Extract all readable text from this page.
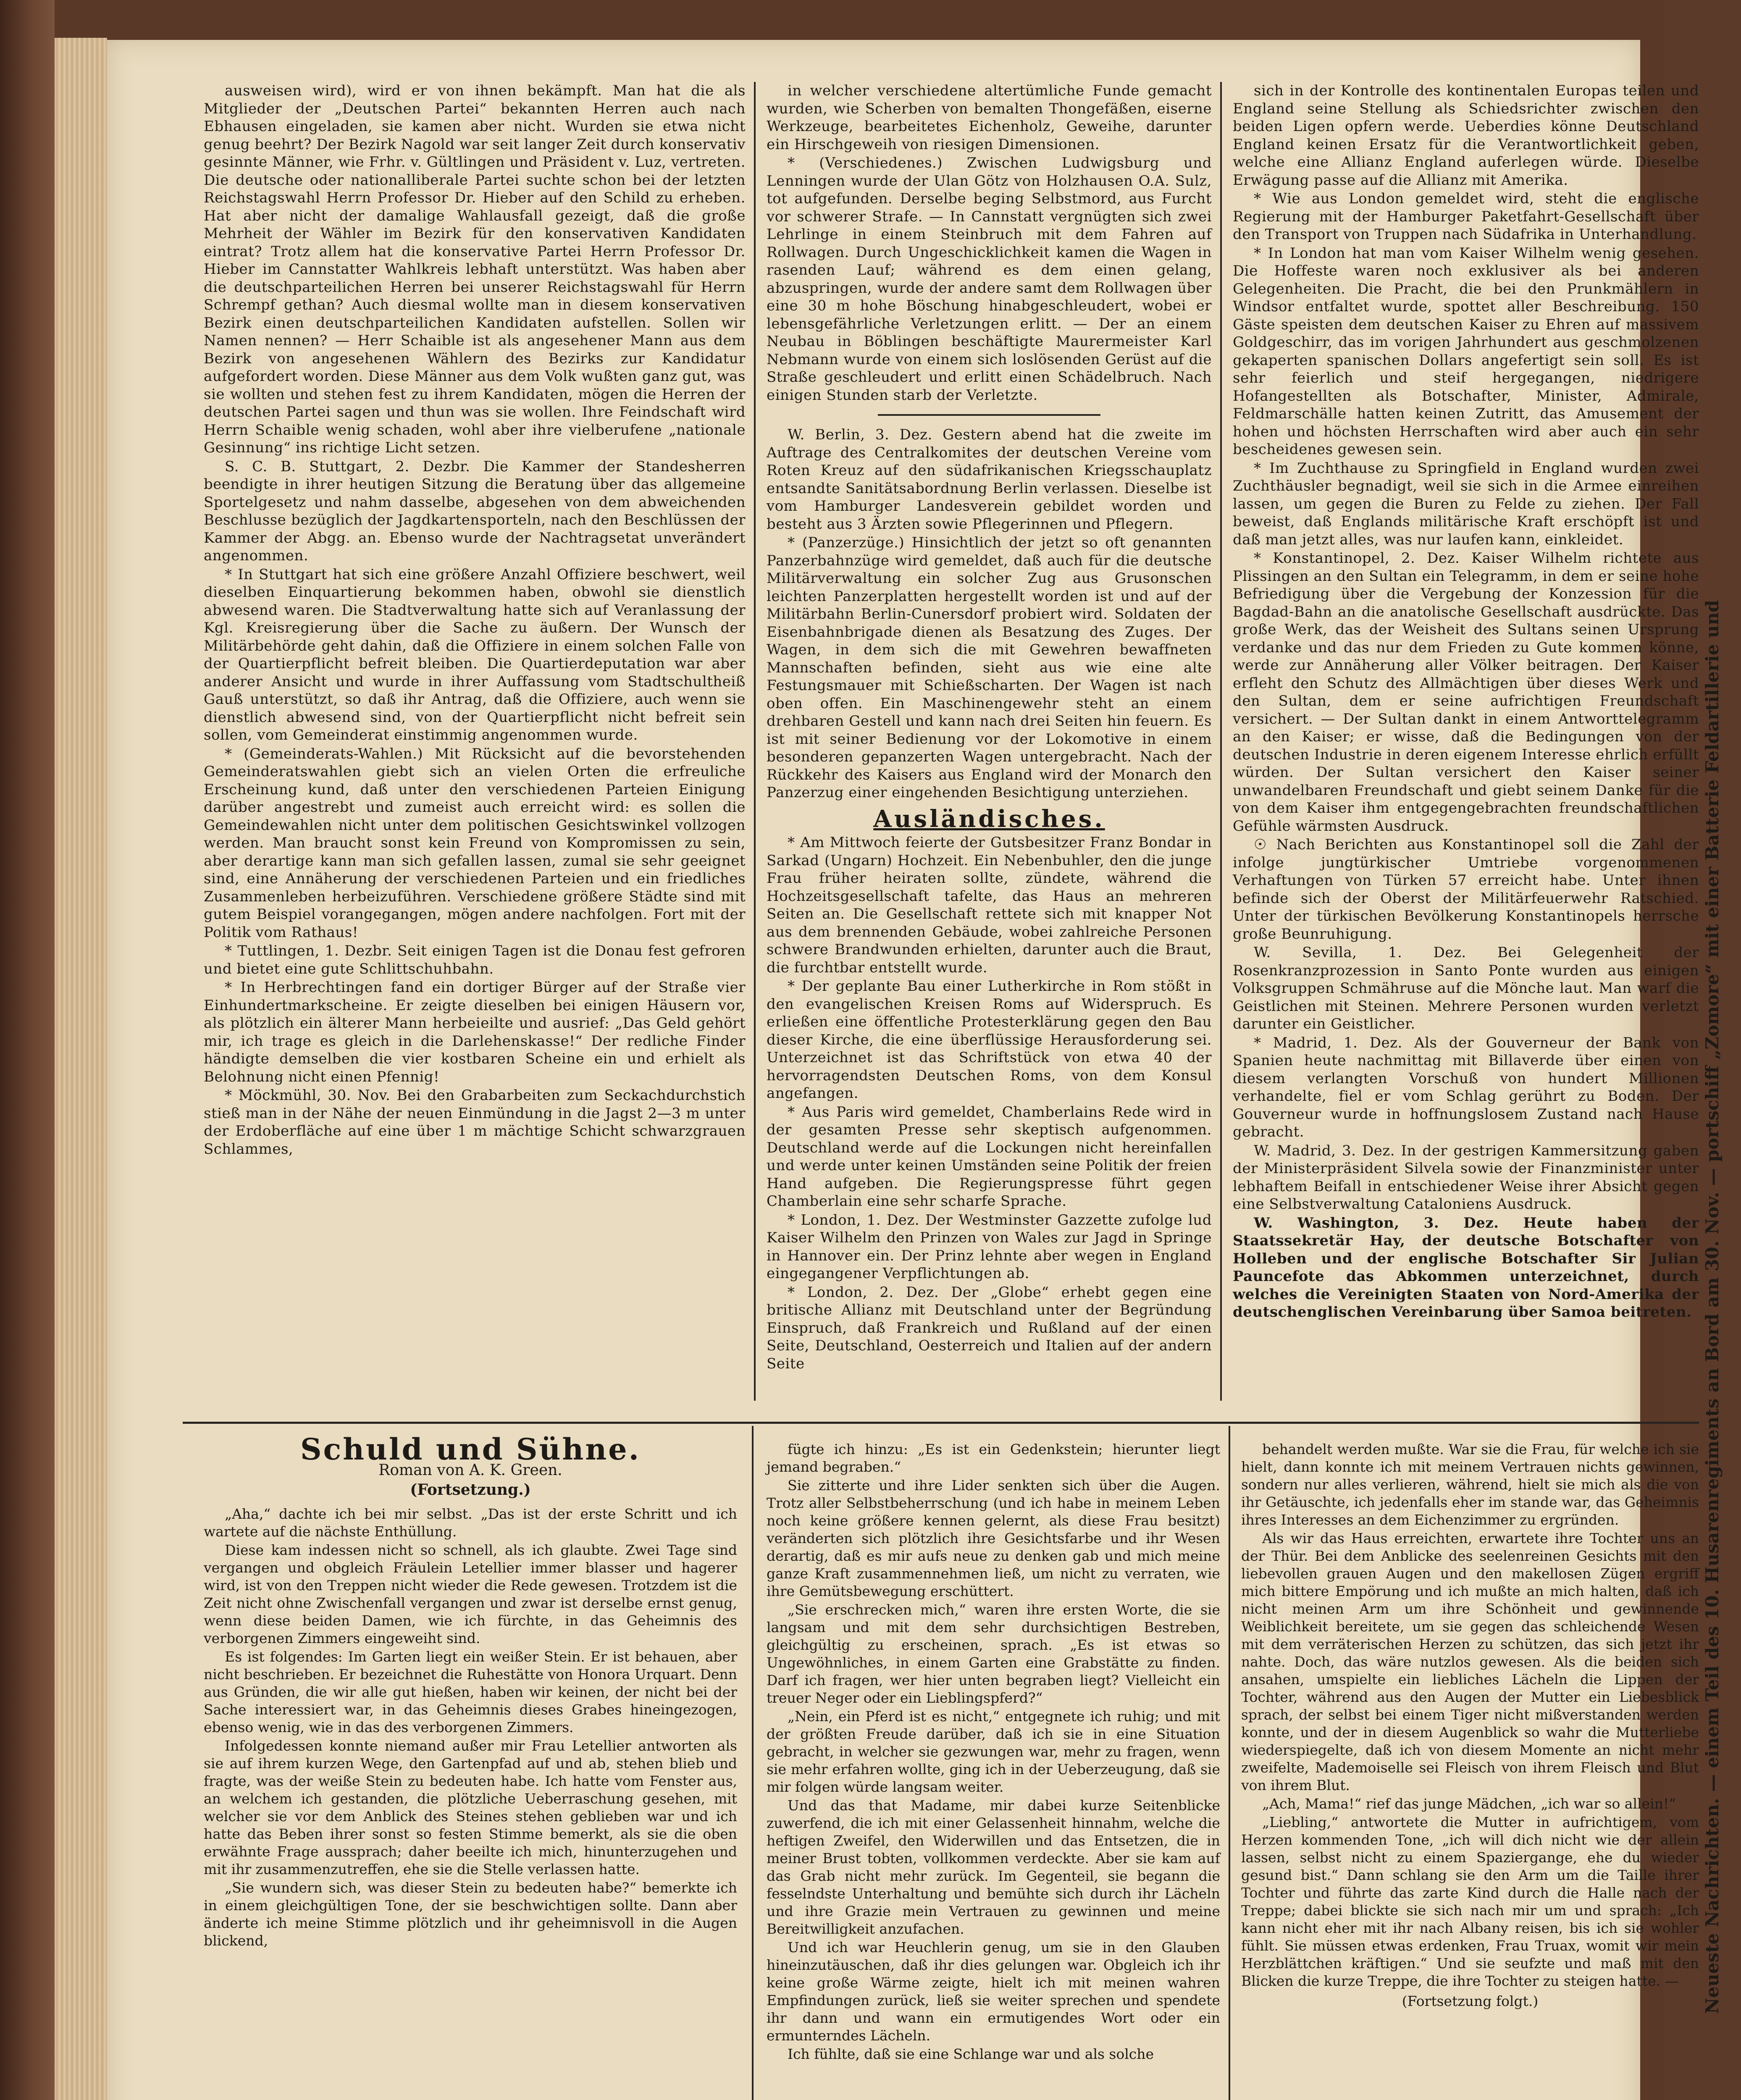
ausweisen wird), wird er von ihnen bekämpft. Man hat die als Mitglieder der „Deutschen Partei“ bekannten Herren auch nach Ebhausen eingeladen, sie kamen aber nicht. Wurden sie etwa nicht genug beehrt? Der Bezirk Nagold war seit langer Zeit durch konservativ gesinnte Männer, wie Frhr. v. Gültlingen und Präsident v. Luz, vertreten. Die deutsche oder nationalliberale Partei suchte schon bei der letzten Reichstagswahl Herrn Professor Dr. Hieber auf den Schild zu erheben. Hat aber nicht der damalige Wahlausfall gezeigt, daß die große Mehrheit der Wähler im Bezirk für den konservativen Kandidaten eintrat? Trotz allem hat die konservative Partei Herrn Professor Dr. Hieber im Cannstatter Wahlkreis lebhaft unterstützt. Was haben aber die deutschparteilichen Herren bei unserer Reichstagswahl für Herrn Schrempf gethan? Auch diesmal wollte man in diesem konservativen Bezirk einen deutschparteilichen Kandidaten aufstellen. Sollen wir Namen nennen? — Herr Schaible ist als angesehener Mann aus dem Bezirk von angesehenen Wählern des Bezirks zur Kandidatur aufgefordert worden. Diese Männer aus dem Volk wußten ganz gut, was sie wollten und stehen fest zu ihrem Kandidaten, mögen die Herren der deutschen Partei sagen und thun was sie wollen. Ihre Feindschaft wird Herrn Schaible wenig schaden, wohl aber ihre vielberufene „nationale Gesinnung“ ins richtige Licht setzen.

S. C. B. Stuttgart, 2. Dezbr. Die Kammer der Standesherren beendigte in ihrer heutigen Sitzung die Beratung über das allgemeine Sportelgesetz und nahm dasselbe, abgesehen von dem abweichenden Beschlusse bezüglich der Jagdkartensporteln, nach den Beschlüssen der Kammer der Abgg. an. Ebenso wurde der Nachtragsetat unverändert angenommen.

* In Stuttgart hat sich eine größere Anzahl Offiziere beschwert, weil dieselben Einquartierung bekommen haben, obwohl sie dienstlich abwesend waren. Die Stadtverwaltung hatte sich auf Veranlassung der Kgl. Kreisregierung über die Sache zu äußern. Der Wunsch der Militärbehörde geht dahin, daß die Offiziere in einem solchen Falle von der Quartierpflicht befreit bleiben. Die Quartierdeputation war aber anderer Ansicht und wurde in ihrer Auffassung vom Stadtschultheiß Gauß unterstützt, so daß ihr Antrag, daß die Offiziere, auch wenn sie dienstlich abwesend sind, von der Quartierpflicht nicht befreit sein sollen, vom Gemeinderat einstimmig angenommen wurde.

* (Gemeinderats-Wahlen.) Mit Rücksicht auf die bevorstehenden Gemeinderatswahlen giebt sich an vielen Orten die erfreuliche Erscheinung kund, daß unter den verschiedenen Parteien Einigung darüber angestrebt und zumeist auch erreicht wird: es sollen die Gemeindewahlen nicht unter dem politischen Gesichtswinkel vollzogen werden. Man braucht sonst kein Freund von Kompromissen zu sein, aber derartige kann man sich gefallen lassen, zumal sie sehr geeignet sind, eine Annäherung der verschiedenen Parteien und ein friedliches Zusammenleben herbeizuführen. Verschiedene größere Städte sind mit gutem Beispiel vorangegangen, mögen andere nachfolgen. Fort mit der Politik vom Rathaus!

* Tuttlingen, 1. Dezbr. Seit einigen Tagen ist die Donau fest gefroren und bietet eine gute Schlittschuhbahn.

* In Herbrechtingen fand ein dortiger Bürger auf der Straße vier Einhundertmarkscheine. Er zeigte dieselben bei einigen Häusern vor, als plötzlich ein älterer Mann herbeieilte und ausrief: „Das Geld gehört mir, ich trage es gleich in die Darlehenskasse!“ Der redliche Finder händigte demselben die vier kostbaren Scheine ein und erhielt als Belohnung nicht einen Pfennig!

* Möckmühl, 30. Nov. Bei den Grabarbeiten zum Seckachdurchstich stieß man in der Nähe der neuen Einmündung in die Jagst 2—3 m unter der Erdoberfläche auf eine über 1 m mächtige Schicht schwarzgrauen Schlammes,

in welcher verschiedene altertümliche Funde gemacht wurden, wie Scherben von bemalten Thongefäßen, eiserne Werkzeuge, bearbeitetes Eichenholz, Geweihe, darunter ein Hirschgeweih von riesigen Dimensionen.

* (Verschiedenes.) Zwischen Ludwigsburg und Lenningen wurde der Ulan Götz von Holzhausen O.A. Sulz, tot aufgefunden. Derselbe beging Selbstmord, aus Furcht vor schwerer Strafe. — In Cannstatt vergnügten sich zwei Lehrlinge in einem Steinbruch mit dem Fahren auf Rollwagen. Durch Ungeschicklichkeit kamen die Wagen in rasenden Lauf; während es dem einen gelang, abzuspringen, wurde der andere samt dem Rollwagen über eine 30 m hohe Böschung hinabgeschleudert, wobei er lebensgefährliche Verletzungen erlitt. — Der an einem Neubau in Böblingen beschäftigte Maurermeister Karl Nebmann wurde von einem sich loslösenden Gerüst auf die Straße geschleudert und erlitt einen Schädelbruch. Nach einigen Stunden starb der Verletzte.

W. Berlin, 3. Dez. Gestern abend hat die zweite im Auftrage des Centralkomites der deutschen Vereine vom Roten Kreuz auf den südafrikanischen Kriegsschauplatz entsandte Sanitätsabordnung Berlin verlassen. Dieselbe ist vom Hamburger Landesverein gebildet worden und besteht aus 3 Ärzten sowie Pflegerinnen und Pflegern.

* (Panzerzüge.) Hinsichtlich der jetzt so oft genannten Panzerbahnzüge wird gemeldet, daß auch für die deutsche Militärverwaltung ein solcher Zug aus Grusonschen leichten Panzerplatten hergestellt worden ist und auf der Militärbahn Berlin-Cunersdorf probiert wird. Soldaten der Eisenbahnbrigade dienen als Besatzung des Zuges. Der Wagen, in dem sich die mit Gewehren bewaffneten Mannschaften befinden, sieht aus wie eine alte Festungsmauer mit Schießscharten. Der Wagen ist nach oben offen. Ein Maschinengewehr steht an einem drehbaren Gestell und kann nach drei Seiten hin feuern. Es ist mit seiner Bedienung vor der Lokomotive in einem besonderen gepanzerten Wagen untergebracht. Nach der Rückkehr des Kaisers aus England wird der Monarch den Panzerzug einer eingehenden Besichtigung unterziehen.

Ausländisches.

* Am Mittwoch feierte der Gutsbesitzer Franz Bondar in Sarkad (Ungarn) Hochzeit. Ein Nebenbuhler, den die junge Frau früher heiraten sollte, zündete, während die Hochzeitsgesellschaft tafelte, das Haus an mehreren Seiten an. Die Gesellschaft rettete sich mit knapper Not aus dem brennenden Gebäude, wobei zahlreiche Personen schwere Brandwunden erhielten, darunter auch die Braut, die furchtbar entstellt wurde.

* Der geplante Bau einer Lutherkirche in Rom stößt in den evangelischen Kreisen Roms auf Widerspruch. Es erließen eine öffentliche Protesterklärung gegen den Bau dieser Kirche, die eine überflüssige Herausforderung sei. Unterzeichnet ist das Schriftstück von etwa 40 der hervorragendsten Deutschen Roms, von dem Konsul angefangen.

* Aus Paris wird gemeldet, Chamberlains Rede wird in der gesamten Presse sehr skeptisch aufgenommen. Deutschland werde auf die Lockungen nicht hereinfallen und werde unter keinen Umständen seine Politik der freien Hand aufgeben. Die Regierungspresse führt gegen Chamberlain eine sehr scharfe Sprache.

* London, 1. Dez. Der Westminster Gazzette zufolge lud Kaiser Wilhelm den Prinzen von Wales zur Jagd in Springe in Hannover ein. Der Prinz lehnte aber wegen in England eingegangener Verpflichtungen ab.

* London, 2. Dez. Der „Globe“ erhebt gegen eine britische Allianz mit Deutschland unter der Begründung Einspruch, daß Frankreich und Rußland auf der einen Seite, Deutschland, Oesterreich und Italien auf der andern Seite

sich in der Kontrolle des kontinentalen Europas teilen und England seine Stellung als Schiedsrichter zwischen den beiden Ligen opfern werde. Ueberdies könne Deutschland England keinen Ersatz für die Verantwortlichkeit geben, welche eine Allianz England auferlegen würde. Dieselbe Erwägung passe auf die Allianz mit Amerika.

* Wie aus London gemeldet wird, steht die englische Regierung mit der Hamburger Paketfahrt-Gesellschaft über den Transport von Truppen nach Südafrika in Unterhandlung.

* In London hat man vom Kaiser Wilhelm wenig gesehen. Die Hoffeste waren noch exklusiver als bei anderen Gelegenheiten. Die Pracht, die bei den Prunkmählern in Windsor entfaltet wurde, spottet aller Beschreibung. 150 Gäste speisten dem deutschen Kaiser zu Ehren auf massivem Goldgeschirr, das im vorigen Jahrhundert aus geschmolzenen gekaperten spanischen Dollars angefertigt sein soll. Es ist sehr feierlich und steif hergegangen, niedrigere Hofangestellten als Botschafter, Minister, Admirale, Feldmarschälle hatten keinen Zutritt, das Amusement der hohen und höchsten Herrschaften wird aber auch ein sehr bescheidenes gewesen sein.

* Im Zuchthause zu Springfield in England wurden zwei Zuchthäusler begnadigt, weil sie sich in die Armee einreihen lassen, um gegen die Buren zu Felde zu ziehen. Der Fall beweist, daß Englands militärische Kraft erschöpft ist und daß man jetzt alles, was nur laufen kann, einkleidet.

* Konstantinopel, 2. Dez. Kaiser Wilhelm richtete aus Plissingen an den Sultan ein Telegramm, in dem er seine hohe Befriedigung über die Vergebung der Konzession für die Bagdad-Bahn an die anatolische Gesellschaft ausdrückte. Das große Werk, das der Weisheit des Sultans seinen Ursprung verdanke und das nur dem Frieden zu Gute kommen könne, werde zur Annäherung aller Völker beitragen. Der Kaiser erfleht den Schutz des Allmächtigen über dieses Werk und den Sultan, dem er seine aufrichtigen Freundschaft versichert. — Der Sultan dankt in einem Antworttelegramm an den Kaiser; er wisse, daß die Bedingungen von der deutschen Industrie in deren eigenem Interesse ehrlich erfüllt würden. Der Sultan versichert den Kaiser seiner unwandelbaren Freundschaft und giebt seinem Danke für die von dem Kaiser ihm entgegengebrachten freundschaftlichen Gefühle wärmsten Ausdruck.

☉ Nach Berichten aus Konstantinopel soll die Zahl der infolge jungtürkischer Umtriebe vorgenommenen Verhaftungen von Türken 57 erreicht habe. Unter ihnen befinde sich der Oberst der Militärfeuerwehr Ratschied. Unter der türkischen Bevölkerung Konstantinopels herrsche große Beunruhigung.

W. Sevilla, 1. Dez. Bei Gelegenheit der Rosenkranzprozession in Santo Ponte wurden aus einigen Volksgruppen Schmähruse auf die Mönche laut. Man warf die Geistlichen mit Steinen. Mehrere Personen wurden verletzt darunter ein Geistlicher.

* Madrid, 1. Dez. Als der Gouverneur der Bank von Spanien heute nachmittag mit Billaverde über einen von diesem verlangten Vorschuß von hundert Millionen verhandelte, fiel er vom Schlag gerührt zu Boden. Der Gouverneur wurde in hoffnungslosem Zustand nach Hause gebracht.

W. Madrid, 3. Dez. In der gestrigen Kammersitzung gaben der Ministerpräsident Silvela sowie der Finanzminister unter lebhaftem Beifall in entschiedener Weise ihrer Absicht gegen eine Selbstverwaltung Cataloniens Ausdruck.

W. Washington, 3. Dez. Heute haben der Staatssekretär Hay, der deutsche Botschafter von Holleben und der englische Botschafter Sir Julian Pauncefote das Abkommen unterzeichnet, durch welches die Vereinigten Staaten von Nord-Amerika der deutschenglischen Vereinbarung über Samoa beitreten. Neueste Nachrichten. — einem Teil des 10. Husarenregiments an Bord am 30. Nov. — portschiff „Zomore“ mit einer Batterie Feldartillerie und
Schuld und Sühne.
Roman von A. K. Green.
(Fortsetzung.)

„Aha,“ dachte ich bei mir selbst. „Das ist der erste Schritt und ich wartete auf die nächste Enthüllung.

Diese kam indessen nicht so schnell, als ich glaubte. Zwei Tage sind vergangen und obgleich Fräulein Letellier immer blasser und hagerer wird, ist von den Treppen nicht wieder die Rede gewesen. Trotzdem ist die Zeit nicht ohne Zwischenfall vergangen und zwar ist derselbe ernst genug, wenn diese beiden Damen, wie ich fürchte, in das Geheimnis des verborgenen Zimmers eingeweiht sind.

Es ist folgendes: Im Garten liegt ein weißer Stein. Er ist behauen, aber nicht beschrieben. Er bezeichnet die Ruhestätte von Honora Urquart. Denn aus Gründen, die wir alle gut hießen, haben wir keinen, der nicht bei der Sache interessiert war, in das Geheimnis dieses Grabes hineingezogen, ebenso wenig, wie in das des verborgenen Zimmers.

Infolgedessen konnte niemand außer mir Frau Letellier antworten als sie auf ihrem kurzen Wege, den Gartenpfad auf und ab, stehen blieb und fragte, was der weiße Stein zu bedeuten habe. Ich hatte vom Fenster aus, an welchem ich gestanden, die plötzliche Ueberraschung gesehen, mit welcher sie vor dem Anblick des Steines stehen geblieben war und ich hatte das Beben ihrer sonst so festen Stimme bemerkt, als sie die oben erwähnte Frage aussprach; daher beeilte ich mich, hinunterzugehen und mit ihr zusammenzutreffen, ehe sie die Stelle verlassen hatte.

„Sie wundern sich, was dieser Stein zu bedeuten habe?“ bemerkte ich in einem gleichgültigen Tone, der sie beschwichtigen sollte. Dann aber änderte ich meine Stimme plötzlich und ihr geheimnisvoll in die Augen blickend,

fügte ich hinzu: „Es ist ein Gedenkstein; hierunter liegt jemand begraben.“

Sie zitterte und ihre Lider senkten sich über die Augen. Trotz aller Selbstbeherrschung (und ich habe in meinem Leben noch keine größere kennen gelernt, als diese Frau besitzt) veränderten sich plötzlich ihre Gesichtsfarbe und ihr Wesen derartig, daß es mir aufs neue zu denken gab und mich meine ganze Kraft zusammennehmen ließ, um nicht zu verraten, wie ihre Gemütsbewegung erschüttert.

„Sie erschrecken mich,“ waren ihre ersten Worte, die sie langsam und mit dem sehr durchsichtigen Bestreben, gleichgültig zu erscheinen, sprach. „Es ist etwas so Ungewöhnliches, in einem Garten eine Grabstätte zu finden. Darf ich fragen, wer hier unten begraben liegt? Vielleicht ein treuer Neger oder ein Lieblingspferd?“

„Nein, ein Pferd ist es nicht,“ entgegnete ich ruhig; und mit der größten Freude darüber, daß ich sie in eine Situation gebracht, in welcher sie gezwungen war, mehr zu fragen, wenn sie mehr erfahren wollte, ging ich in der Ueberzeugung, daß sie mir folgen würde langsam weiter.

Und das that Madame, mir dabei kurze Seitenblicke zuwerfend, die ich mit einer Gelassenheit hinnahm, welche die heftigen Zweifel, den Widerwillen und das Entsetzen, die in meiner Brust tobten, vollkommen verdeckte. Aber sie kam auf das Grab nicht mehr zurück. Im Gegenteil, sie begann die fesselndste Unterhaltung und bemühte sich durch ihr Lächeln und ihre Grazie mein Vertrauen zu gewinnen und meine Bereitwilligkeit anzufachen.

Und ich war Heuchlerin genug, um sie in den Glauben hineinzutäuschen, daß ihr dies gelungen war. Obgleich ich ihr keine große Wärme zeigte, hielt ich mit meinen wahren Empfindungen zurück, ließ sie weiter sprechen und spendete ihr dann und wann ein ermutigendes Wort oder ein ermunterndes Lächeln.

Ich fühlte, daß sie eine Schlange war und als solche

behandelt werden mußte. War sie die Frau, für welche ich sie hielt, dann konnte ich mit meinem Vertrauen nichts gewinnen, sondern nur alles verlieren, während, hielt sie mich als die von ihr Getäuschte, ich jedenfalls eher im stande war, das Geheimnis ihres Interesses an dem Eichenzimmer zu ergründen.

Als wir das Haus erreichten, erwartete ihre Tochter uns an der Thür. Bei dem Anblicke des seelenreinen Gesichts mit den liebevollen grauen Augen und den makellosen Zügen ergriff mich bittere Empörung und ich mußte an mich halten, daß ich nicht meinen Arm um ihre Schönheit und gewinnende Weiblichkeit bereitete, um sie gegen das schleichende Wesen mit dem verräterischen Herzen zu schützen, das sich jetzt ihr nahte. Doch, das wäre nutzlos gewesen. Als die beiden sich ansahen, umspielte ein liebliches Lächeln die Lippen der Tochter, während aus den Augen der Mutter ein Liebesblick sprach, der selbst bei einem Tiger nicht mißverstanden werden konnte, und der in diesem Augenblick so wahr die Mutterliebe wiederspiegelte, daß ich von diesem Momente an nicht mehr zweifelte, Mademoiselle sei Fleisch von ihrem Fleisch und Blut von ihrem Blut.

„Ach, Mama!“ rief das junge Mädchen, „ich war so allein!“

„Liebling,“ antwortete die Mutter in aufrichtigem, vom Herzen kommenden Tone, „ich will dich nicht wie der allein lassen, selbst nicht zu einem Spaziergange, ehe du wieder gesund bist.“ Dann schlang sie den Arm um die Taille ihrer Tochter und führte das zarte Kind durch die Halle nach der Treppe; dabei blickte sie sich nach mir um und sprach: „Ich kann nicht eher mit ihr nach Albany reisen, bis ich sie wohler fühlt. Sie müssen etwas erdenken, Frau Truax, womit wir mein Herzblättchen kräftigen.“ Und sie seufzte und maß mit den Blicken die kurze Treppe, die ihre Tochter zu steigen hatte. —

(Fortsetzung folgt.)
